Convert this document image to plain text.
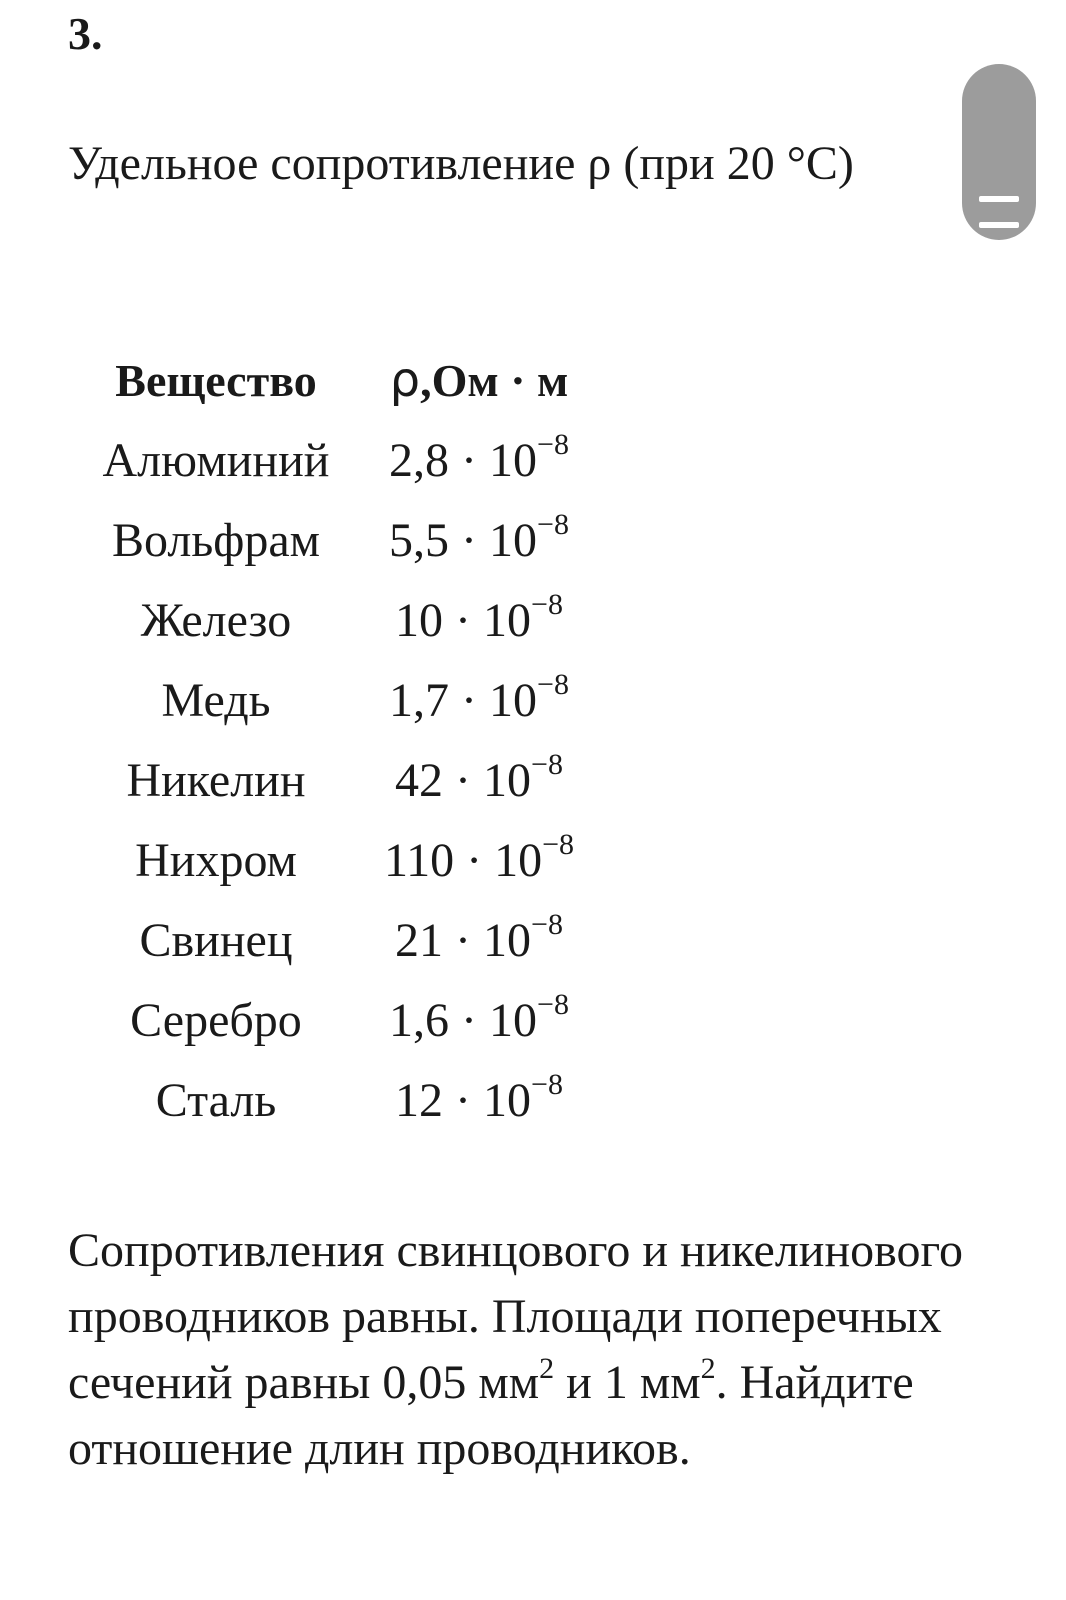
3.
Удельное сопротивление ρ (при 20 °С)
Вещество	ρ,Ом · м
Алюминий	$2,8 \cdot 10^{-8}$
Вольфрам	$5,5 \cdot 10^{-8}$
Железо	$10 \cdot 10^{-8}$
Медь	$1,7 \cdot 10^{-8}$
Никелин	$42 \cdot 10^{-8}$
Нихром	$110 \cdot 10^{-8}$
Свинец	$21 \cdot 10^{-8}$
Серебро	$1,6 \cdot 10^{-8}$
Сталь	$12 \cdot 10^{-8}$
Сопротивления свинцового и никелинового проводников равны. Площади поперечных сечений равны 0,05 $мм^2$ и 1 $мм^2$. Найдите отношение длин проводников.
